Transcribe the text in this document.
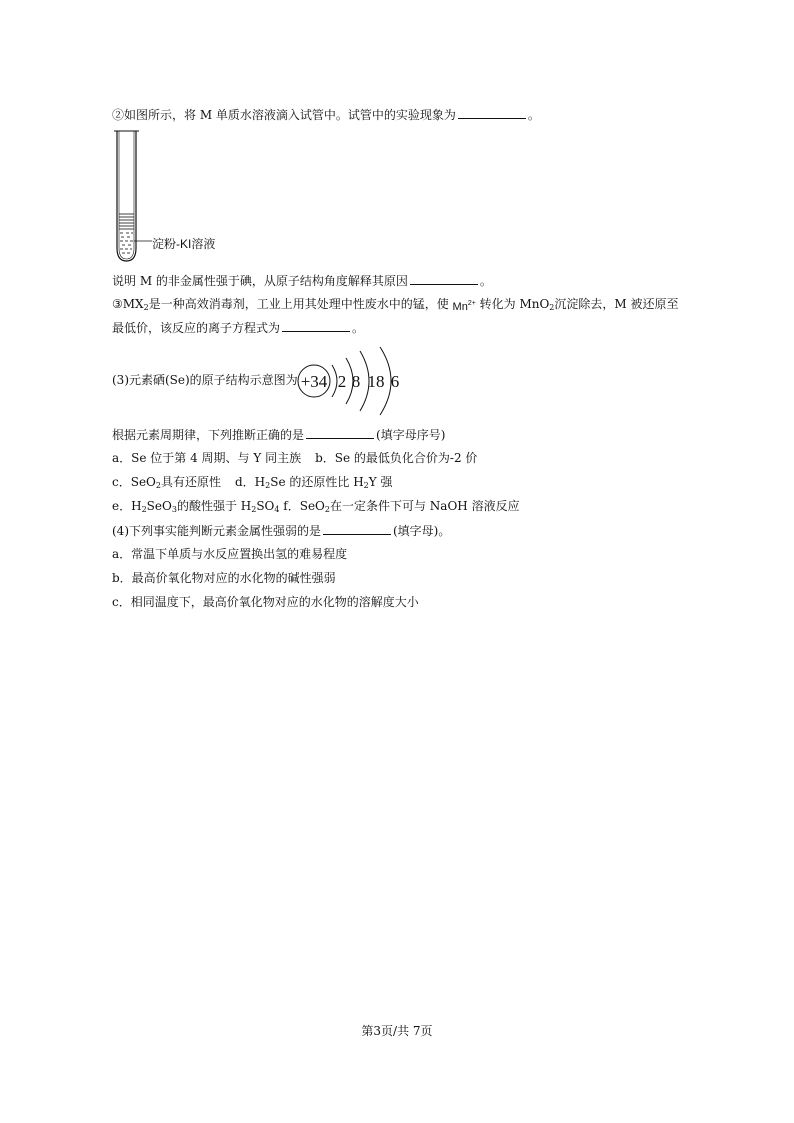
②如图所示，将 M 单质水溶液滴入试管中。试管中的实验现象为	。
淀粉-KI溶液
说明 M 的非金属性强于碘，从原子结构角度解释其原因	。
$③MX_2$是一种高效消毒剂，工业上用其处理中性废水中的锰，使 $Mn^{2+}$ 转化为 MnO$_2$沉淀除去，M 被还原至
最低价，该反应的离子方程式为	。
(3)元素硒(Se)的原子结构示意图为 +34 2 8 18 6
根据元素周期律，下列推断正确的是	(填字母序号)
a．Se 位于第 4 周期、与 Y 同主族 b．Se 的最低负化合价为-2 价
c．SeO$_2$具有还原性 d．$H_2Se$ 的还原性比 $H_2Y$ 强
e．$H_2SeO_3$的酸性强于 $H_2SO_4$ f．SeO$_2$在一定条件下可与 NaOH 溶液反应
(4)下列事实能判断元素金属性强弱的是	(填字母)。
a．常温下单质与水反应置换出氢的难易程度
b．最高价氧化物对应的水化物的碱性强弱
c．相同温度下，最高价氧化物对应的水化物的溶解度大小
第3页/共 7页
